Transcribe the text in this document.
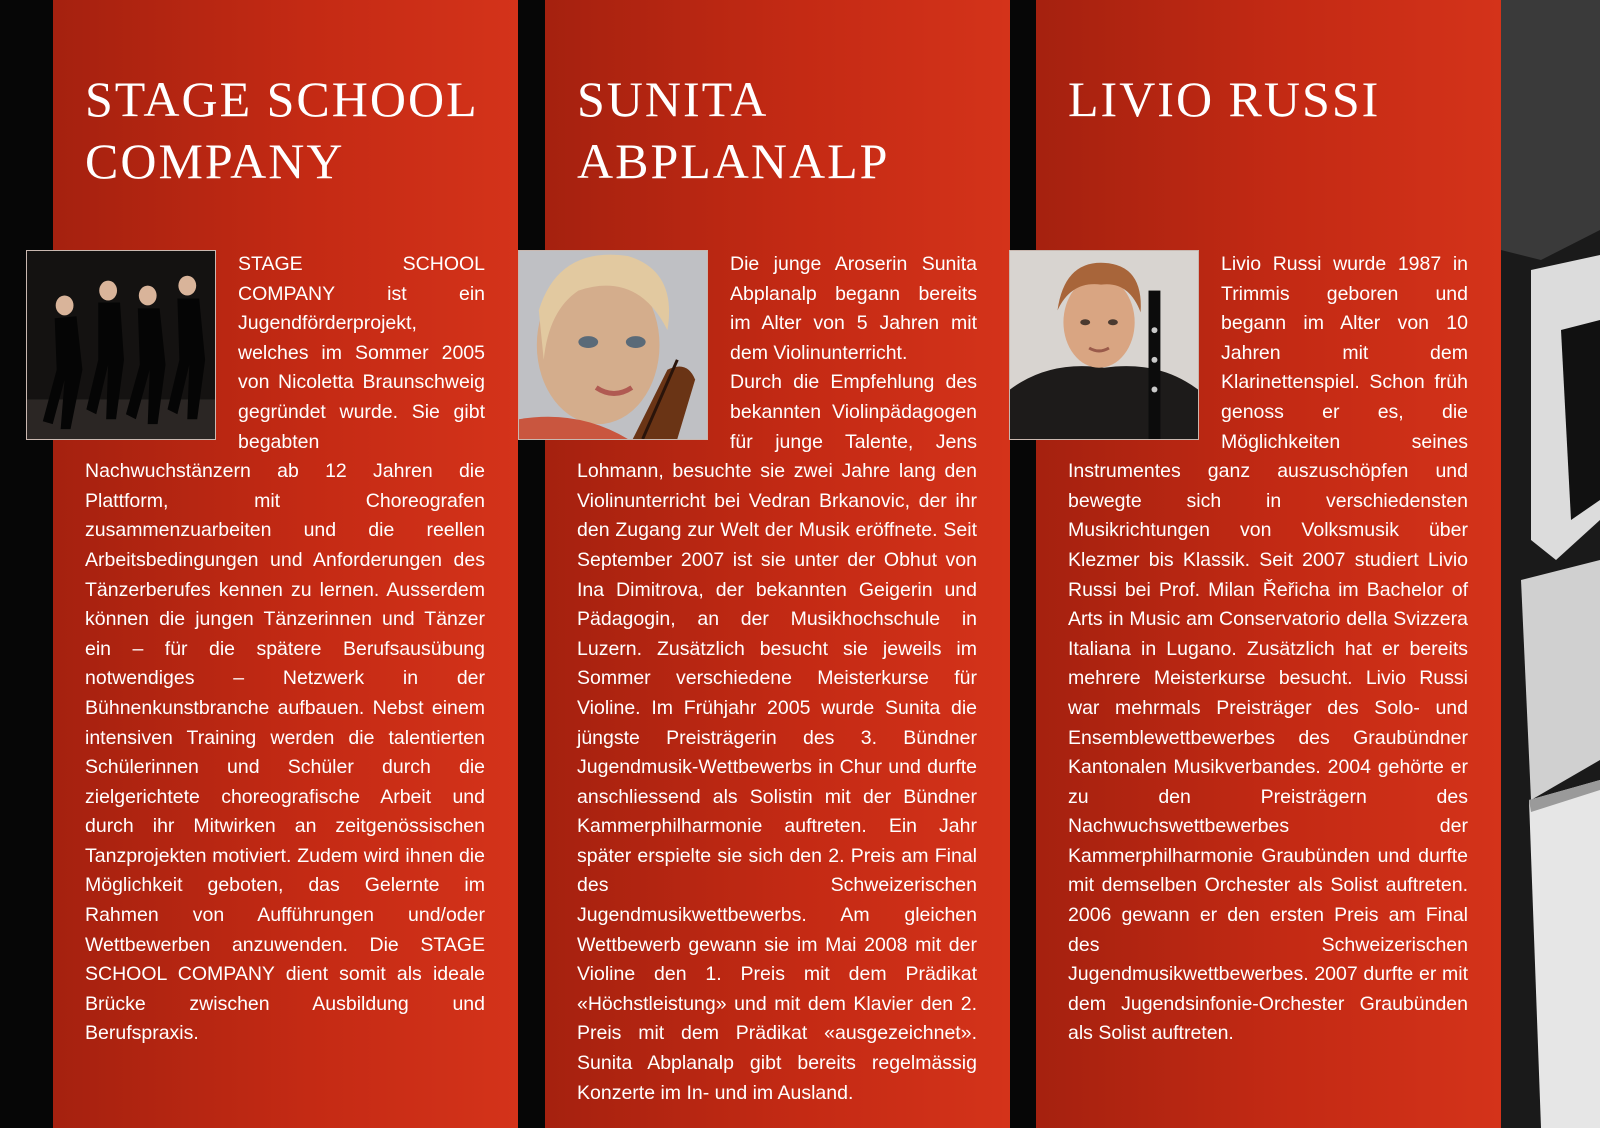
STAGE SCHOOL
COMPANY

STAGE SCHOOL COMPANY ist ein Jugendförderprojekt, welches im Sommer 2005 von Nicoletta Braunschweig gegründet wurde. Sie gibt begabten Nachwuchstänzern ab 12 Jahren die Plattform, mit Choreografen zusammenzuarbeiten und die reellen Arbeitsbedingungen und Anforderungen des Tänzerberufes kennen zu lernen. Ausserdem können die jungen Tänzerinnen und Tänzer ein – für die spätere Berufsausübung notwendiges – Netzwerk in der Bühnenkunstbranche aufbauen. Nebst einem intensiven Training werden die talentierten Schülerinnen und Schüler durch die zielgerichtete choreografische Arbeit und durch ihr Mitwirken an zeitgenössischen Tanzprojekten motiviert. Zudem wird ihnen die Möglichkeit geboten, das Gelernte im Rahmen von Aufführungen und/oder Wettbewerben anzuwenden. Die STAGE SCHOOL COMPANY dient somit als ideale Brücke zwischen Ausbildung und Berufspraxis.

SUNITA
ABPLANALP

Die junge Aroserin Sunita Abplanalp begann bereits im Alter von 5 Jahren mit dem Violinunterricht.

Durch die Empfehlung des bekannten Violinpädagogen für junge Talente, Jens Lohmann, besuchte sie zwei Jahre lang den Violinunterricht bei Vedran Brkanovic, der ihr den Zugang zur Welt der Musik eröffnete. Seit September 2007 ist sie unter der Obhut von Ina Dimitrova, der bekannten Geigerin und Pädagogin, an der Musikhochschule in Luzern. Zusätzlich besucht sie jeweils im Sommer verschiedene Meisterkurse für Violine. Im Frühjahr 2005 wurde Sunita die jüngste Preisträgerin des 3. Bündner Jugendmusik-Wettbewerbs in Chur und durfte anschliessend als Solistin mit der Bündner Kammerphilharmonie auftreten. Ein Jahr später erspielte sie sich den 2. Preis am Final des Schweizerischen Jugendmusikwettbewerbs. Am gleichen Wettbewerb gewann sie im Mai 2008 mit der Violine den 1. Preis mit dem Prädikat «Höchstleistung» und mit dem Klavier den 2. Preis mit dem Prädikat «ausgezeichnet». Sunita Abplanalp gibt bereits regelmässig Konzerte im In- und im Ausland.

LIVIO RUSSI

Livio Russi wurde 1987 in Trimmis geboren und begann im Alter von 10 Jahren mit dem Klarinettenspiel. Schon früh genoss er es, die Möglichkeiten seines Instrumentes ganz auszuschöpfen und bewegte sich in verschiedensten Musikrichtungen von Volksmusik über Klezmer bis Klassik. Seit 2007 studiert Livio Russi bei Prof. Milan Řeřicha im Bachelor of Arts in Music am Conservatorio della Svizzera Italiana in Lugano. Zusätzlich hat er bereits mehrere Meisterkurse besucht. Livio Russi war mehrmals Preisträger des Solo- und Ensemblewettbewerbes des Graubündner Kantonalen Musikverbandes. 2004 gehörte er zu den Preisträgern des Nachwuchswettbewerbes der Kammerphilharmonie Graubünden und durfte mit demselben Orchester als Solist auftreten. 2006 gewann er den ersten Preis am Final des Schweizerischen Jugendmusikwettbewerbes. 2007 durfte er mit dem Jugendsinfonie-Orchester Graubünden als Solist auftreten.
